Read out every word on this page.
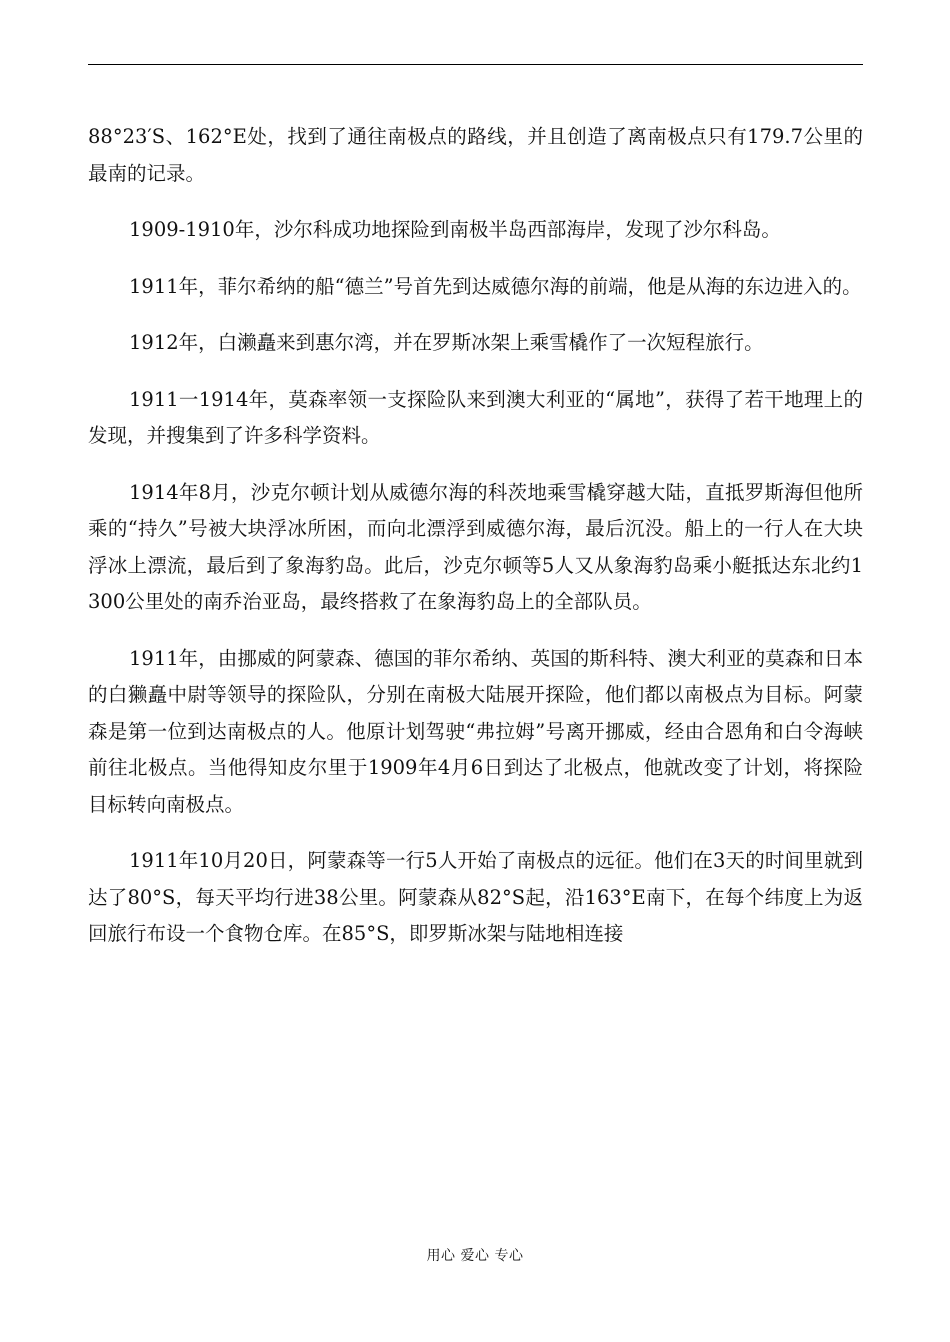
88°23′S、162°E处，找到了通往南极点的路线，并且创造了离南极点只有179.7公里的最南的记录。

1909-1910年，沙尔科成功地探险到南极半岛西部海岸，发现了沙尔科岛。

1911年，菲尔希纳的船“德兰”号首先到达威德尔海的前端，他是从海的东边进入的。

1912年，白濑矗来到惠尔湾，并在罗斯冰架上乘雪橇作了一次短程旅行。

1911一1914年，莫森率领一支探险队来到澳大利亚的“属地”，获得了若干地理上的发现，并搜集到了许多科学资料。

1914年8月，沙克尔顿计划从威德尔海的科茨地乘雪橇穿越大陆，直抵罗斯海但他所乘的“持久”号被大块浮冰所困，而向北漂浮到威德尔海，最后沉没。船上的一行人在大块浮冰上漂流，最后到了象海豹岛。此后，沙克尔顿等5人又从象海豹岛乘小艇抵达东北约1300公里处的南乔治亚岛，最终搭救了在象海豹岛上的全部队员。

1911年，由挪威的阿蒙森、德国的菲尔希纳、英国的斯科特、澳大利亚的莫森和日本的白獭矗中尉等领导的探险队，分别在南极大陆展开探险，他们都以南极点为目标。阿蒙森是第一位到达南极点的人。他原计划驾驶“弗拉姆”号离开挪威，经由合恩角和白令海峡前往北极点。当他得知皮尔里于1909年4月6日到达了北极点，他就改变了计划，将探险目标转向南极点。

1911年10月20日，阿蒙森等一行5人开始了南极点的远征。他们在3天的时间里就到达了80°S，每天平均行进38公里。阿蒙森从82°S起，沿163°E南下，在每个纬度上为返回旅行布设一个食物仓库。在85°S，即罗斯冰架与陆地相连接

用心 爱心 专心
